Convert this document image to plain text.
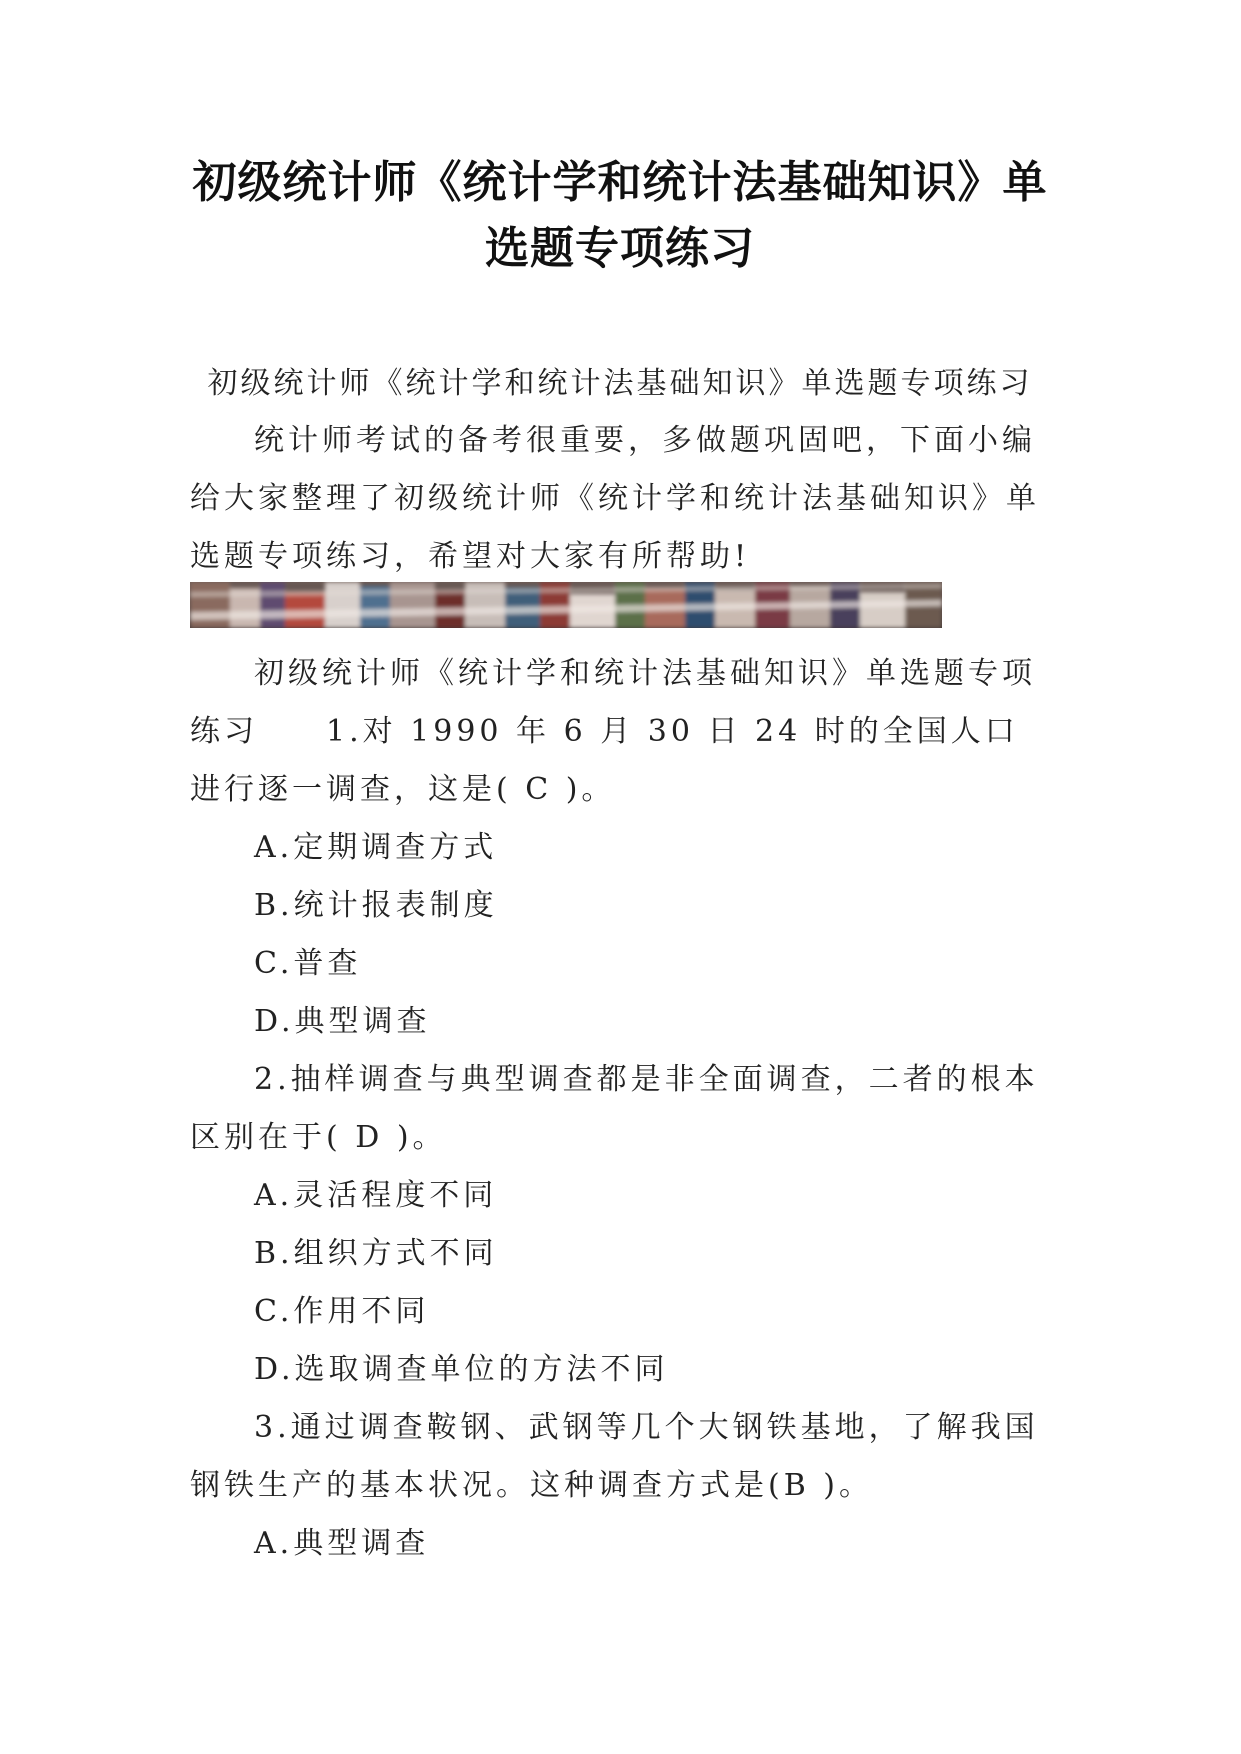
初级统计师《统计学和统计法基础知识》单选题专项练习

初级统计师《统计学和统计法基础知识》单选题专项练习

统计师考试的备考很重要，多做题巩固吧，下面小编给大家整理了初级统计师《统计学和统计法基础知识》单选题专项练习，希望对大家有所帮助!

初级统计师《统计学和统计法基础知识》单选题专项练习　　1.对 1990 年 6 月 30 日 24 时的全国人口进行逐一调查，这是( C )。

A.定期调查方式

B.统计报表制度

C.普查

D.典型调查

2.抽样调查与典型调查都是非全面调查，二者的根本区别在于( D )。

A.灵活程度不同

B.组织方式不同

C.作用不同

D.选取调查单位的方法不同

3.通过调查鞍钢、武钢等几个大钢铁基地，了解我国钢铁生产的基本状况。这种调查方式是(B )。

A.典型调查
